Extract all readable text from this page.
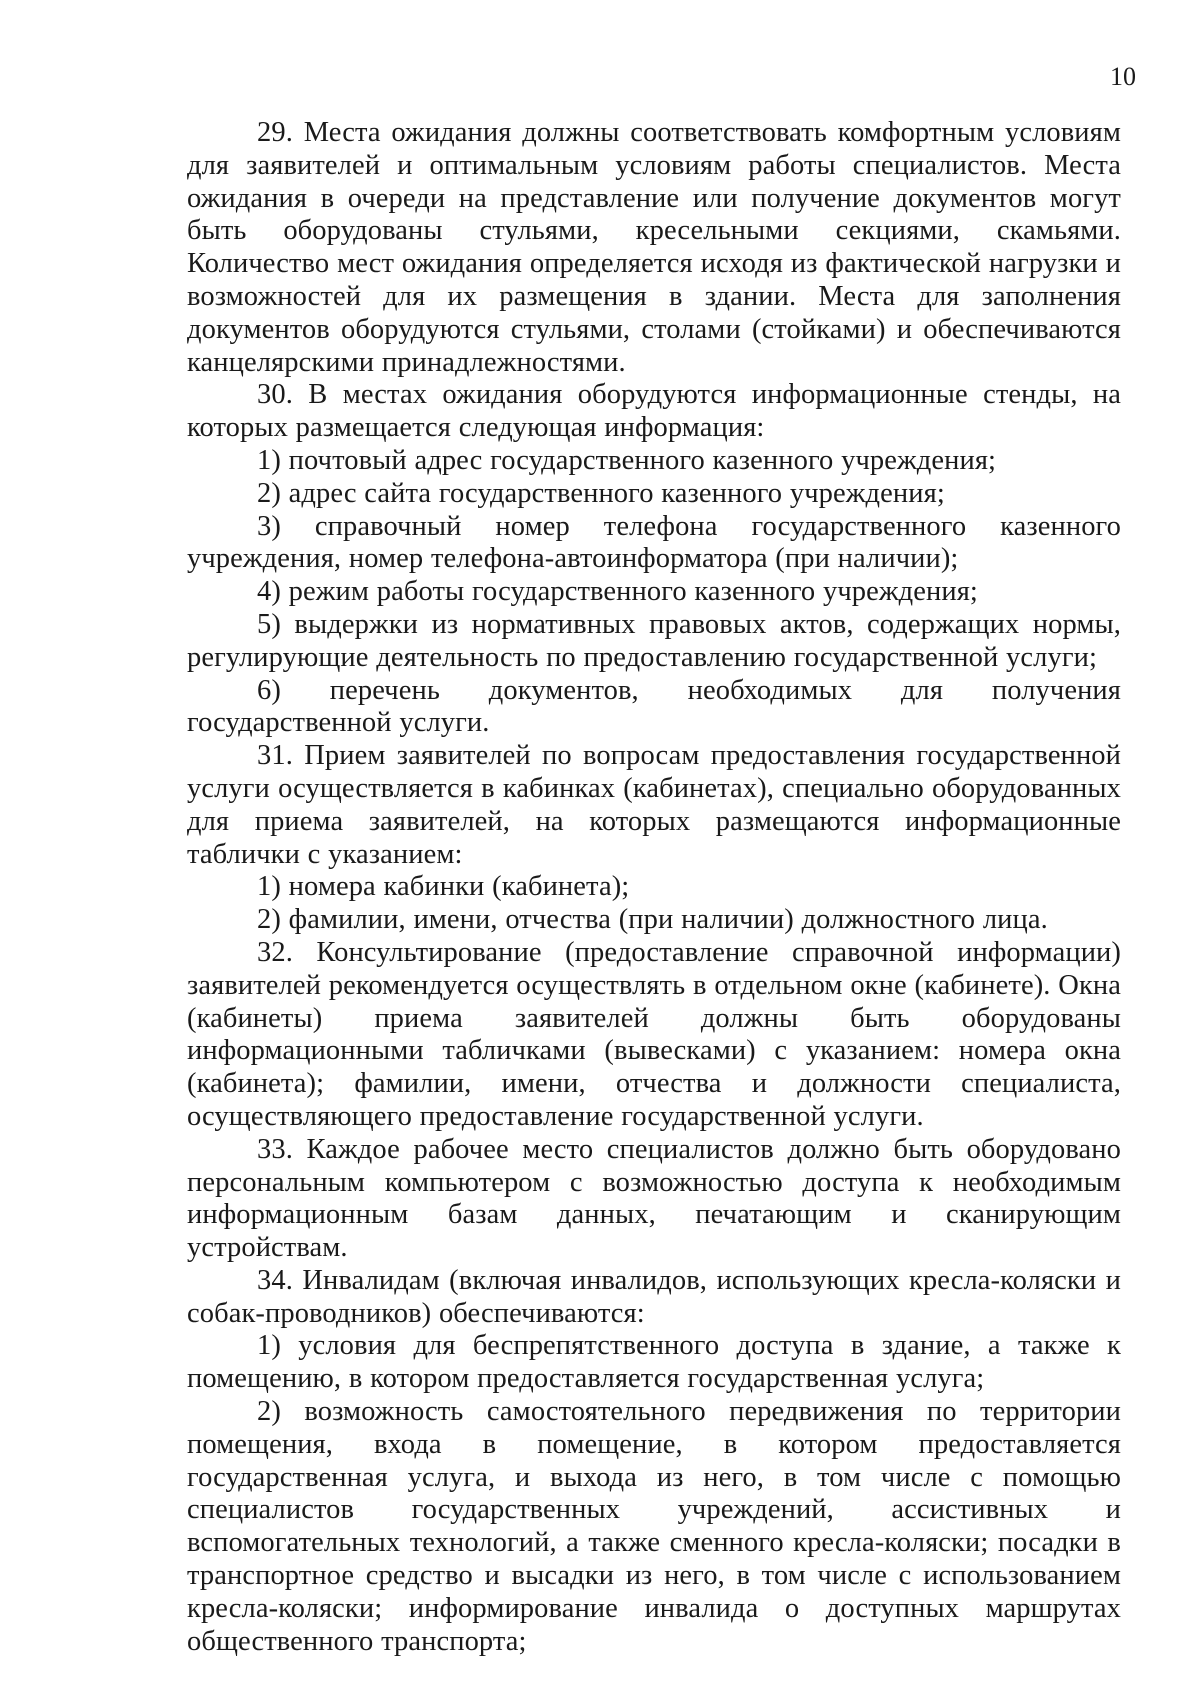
10

29. Места ожидания должны соответствовать комфортным условиям для заявителей и оптимальным условиям работы специалистов. Места ожидания в очереди на представление или получение документов могут быть оборудованы стульями, кресельными секциями, скамьями. Количество мест ожидания определяется исходя из фактической нагрузки и возможностей для их размещения в здании. Места для заполнения документов оборудуются стульями, столами (стойками) и обеспечиваются канцелярскими принадлежностями.

30. В местах ожидания оборудуются информационные стенды, на которых размещается следующая информация:

1) почтовый адрес государственного казенного учреждения;

2) адрес сайта государственного казенного учреждения;

3) справочный номер телефона государственного казенного учреждения, номер телефона-автоинформатора (при наличии);

4) режим работы государственного казенного учреждения;

5) выдержки из нормативных правовых актов, содержащих нормы, регулирующие деятельность по предоставлению государственной услуги;

6) перечень документов, необходимых для получения государственной услуги.

31. Прием заявителей по вопросам предоставления государственной услуги осуществляется в кабинках (кабинетах), специально оборудованных для приема заявителей, на которых размещаются информационные таблички с указанием:

1) номера кабинки (кабинета);

2) фамилии, имени, отчества (при наличии) должностного лица.

32. Консультирование (предоставление справочной информации) заявителей рекомендуется осуществлять в отдельном окне (кабинете). Окна (кабинеты) приема заявителей должны быть оборудованы информационными табличками (вывесками) с указанием: номера окна (кабинета); фамилии, имени, отчества и должности специалиста, осуществляющего предоставление государственной услуги.

33. Каждое рабочее место специалистов должно быть оборудовано персональным компьютером с возможностью доступа к необходимым информационным базам данных, печатающим и сканирующим устройствам.

34. Инвалидам (включая инвалидов, использующих кресла-коляски и собак-проводников) обеспечиваются:

1) условия для беспрепятственного доступа в здание, а также к помещению, в котором предоставляется государственная услуга;

2) возможность самостоятельного передвижения по территории помещения, входа в помещение, в котором предоставляется государственная услуга, и выхода из него, в том числе с помощью специалистов государственных учреждений, ассистивных и вспомогательных технологий, а также сменного кресла-коляски; посадки в транспортное средство и высадки из него, в том числе с использованием кресла-коляски; информирование инвалида о доступных маршрутах общественного транспорта;
